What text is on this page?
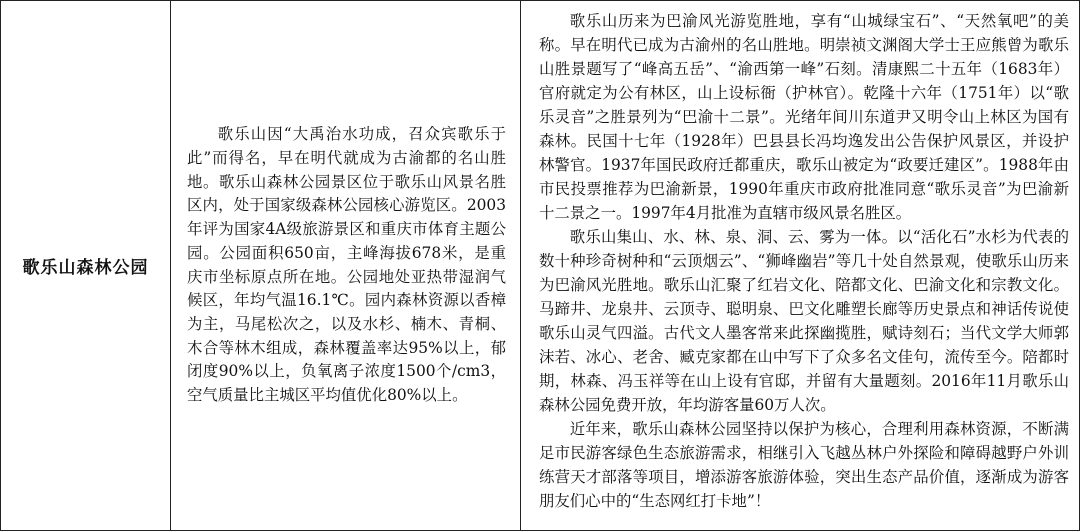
歌乐山森林公园
歌乐山因“大禹治水功成，召众宾歌乐于此”而得名，早在明代就成为古渝都的名山胜地。歌乐山森林公园景区位于歌乐山风景名胜区内，处于国家级森林公园核心游览区。2003年评为国家4A级旅游景区和重庆市体育主题公园。公园面积650亩，主峰海拔678米，是重庆市坐标原点所在地。公园地处亚热带湿润气候区，年均气温16.1℃。园内森林资源以香樟为主，马尾松次之，以及水杉、楠木、青桐、木合等林木组成，森林覆盖率达95%以上，郁闭度90%以上，负氧离子浓度1500个/cm3，空气质量比主城区平均值优化80%以上。

歌乐山历来为巴渝风光游览胜地，享有“山城绿宝石”、“天然氧吧”的美称。早在明代已成为古渝州的名山胜地。明崇祯文渊阁大学士王应熊曾为歌乐山胜景题写了“峰高五岳”、“渝西第一峰”石刻。清康熙二十五年（1683年）官府就定为公有林区，山上设标衙（护林官）。乾隆十六年（1751年）以“歌乐灵音”之胜景列为“巴渝十二景”。光绪年间川东道尹又明令山上林区为国有森林。民国十七年（1928年）巴县县长冯均逸发出公告保护风景区，并设护林警官。1937年国民政府迁都重庆，歌乐山被定为“政要迁建区”。1988年由市民投票推荐为巴渝新景，1990年重庆市政府批准同意“歌乐灵音”为巴渝新十二景之一。1997年4月批准为直辖市级风景名胜区。

歌乐山集山、水、林、泉、洞、云、雾为一体。以“活化石”水杉为代表的数十种珍奇树种和“云顶烟云”、“狮峰幽岩”等几十处自然景观，使歌乐山历来为巴渝风光胜地。歌乐山汇聚了红岩文化、陪都文化、巴渝文化和宗教文化。马蹄井、龙泉井、云顶寺、聪明泉、巴文化雕塑长廊等历史景点和神话传说使歌乐山灵气四溢。古代文人墨客常来此探幽揽胜，赋诗刻石；当代文学大师郭沫若、冰心、老舍、臧克家都在山中写下了众多名文佳句，流传至今。陪都时期，林森、冯玉祥等在山上设有官邸，并留有大量题刻。2016年11月歌乐山森林公园免费开放，年均游客量60万人次。

近年来，歌乐山森林公园坚持以保护为核心，合理利用森林资源，不断满足市民游客绿色生态旅游需求，相继引入飞越丛林户外探险和障碍越野户外训练营天才部落等项目，增添游客旅游体验，突出生态产品价值，逐渐成为游客朋友们心中的“生态网红打卡地”！
